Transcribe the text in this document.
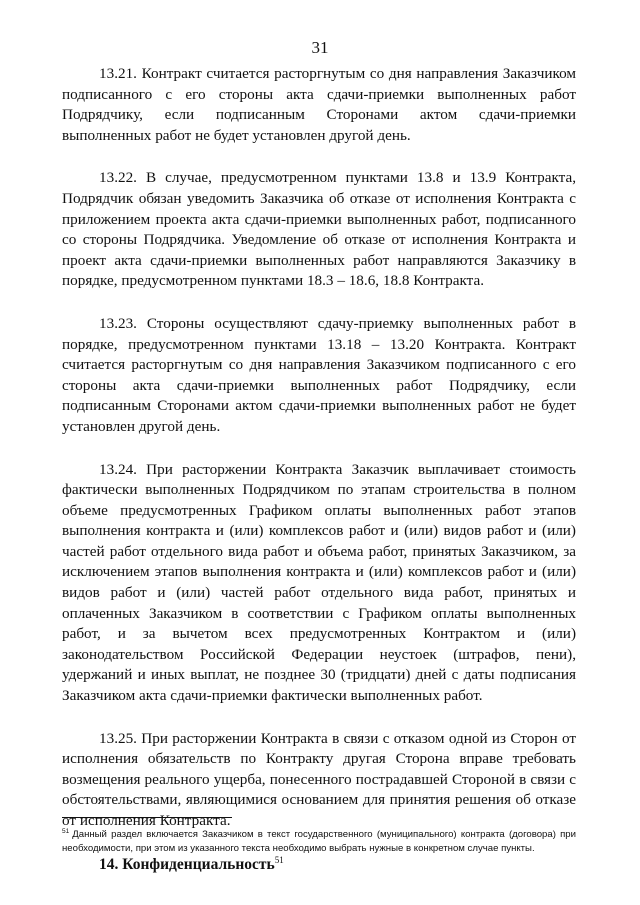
31

13.21. Контракт считается расторгнутым со дня направления Заказчиком подписанного с его стороны акта сдачи-приемки выполненных работ Подрядчику, если подписанным Сторонами актом сдачи-приемки выполненных работ не будет установлен другой день.

13.22. В случае, предусмотренном пунктами 13.8 и 13.9 Контракта, Подрядчик обязан уведомить Заказчика об отказе от исполнения Контракта с приложением проекта акта сдачи-приемки выполненных работ, подписанного со стороны Подрядчика. Уведомление об отказе от исполнения Контракта и проект акта сдачи-приемки выполненных работ направляются Заказчику в порядке, предусмотренном пунктами 18.3 – 18.6, 18.8 Контракта.

13.23. Стороны осуществляют сдачу-приемку выполненных работ в порядке, предусмотренном пунктами 13.18 – 13.20 Контракта. Контракт считается расторгнутым со дня направления Заказчиком подписанного с его стороны акта сдачи-приемки выполненных работ Подрядчику, если подписанным Сторонами актом сдачи-приемки выполненных работ не будет установлен другой день.

13.24. При расторжении Контракта Заказчик выплачивает стоимость фактически выполненных Подрядчиком по этапам строительства в полном объеме предусмотренных Графиком оплаты выполненных работ этапов выполнения контракта и (или) комплексов работ и (или) видов работ и (или) частей работ отдельного вида работ и объема работ, принятых Заказчиком, за исключением этапов выполнения контракта и (или) комплексов работ и (или) видов работ и (или) частей работ отдельного вида работ, принятых и оплаченных Заказчиком в соответствии с Графиком оплаты выполненных работ, и за вычетом всех предусмотренных Контрактом и (или) законодательством Российской Федерации неустоек (штрафов, пени), удержаний и иных выплат, не позднее 30 (тридцати) дней с даты подписания Заказчиком акта сдачи-приемки фактически выполненных работ.

13.25. При расторжении Контракта в связи с отказом одной из Сторон от исполнения обязательств по Контракту другая Сторона вправе требовать возмещения реального ущерба, понесенного пострадавшей Стороной в связи с обстоятельствами, являющимися основанием для принятия решения об отказе от исполнения Контракта.

14. Конфиденциальность$^{51}$

$^{51}$ Данный раздел включается Заказчиком в текст государственного (муниципального) контракта (договора) при необходимости, при этом из указанного текста необходимо выбрать нужные в конкретном случае пункты.
